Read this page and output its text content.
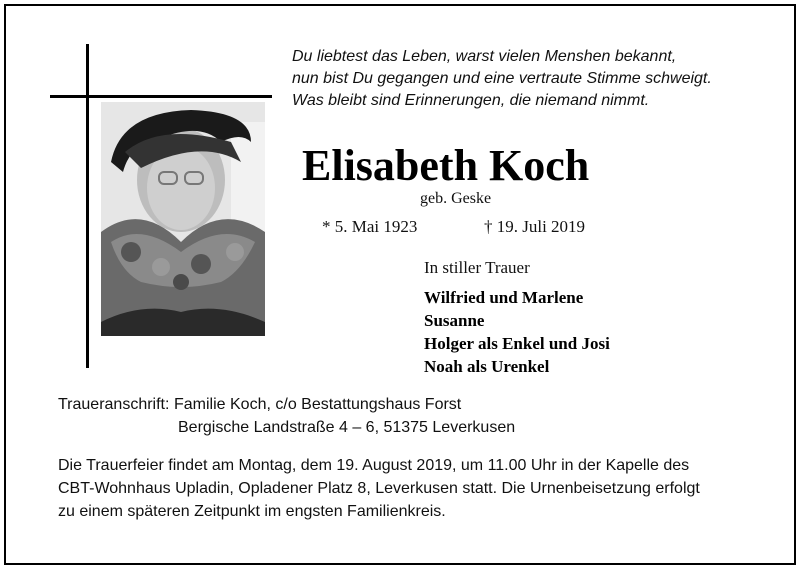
Du liebtest das Leben, warst vielen Menshen bekannt,
nun bist Du gegangen und eine vertraute Stimme schweigt.
Was bleibt sind Erinnerungen, die niemand nimmt.
Elisabeth Koch
geb. Geske
* 5. Mai 1923	† 19. Juli 2019
In stiller Trauer
Wilfried und Marlene
Susanne
Holger als Enkel und Josi
Noah als Urenkel
Traueranschrift: Familie Koch, c/o Bestattungshaus Forst
Bergische Landstraße 4 – 6, 51375 Leverkusen
Die Trauerfeier findet am Montag, dem 19. August 2019, um 11.00 Uhr in der Kapelle des
CBT-Wohnhaus Upladin, Opladener Platz 8, Leverkusen statt. Die Urnenbeisetzung erfolgt
zu einem späteren Zeitpunkt im engsten Familienkreis.
